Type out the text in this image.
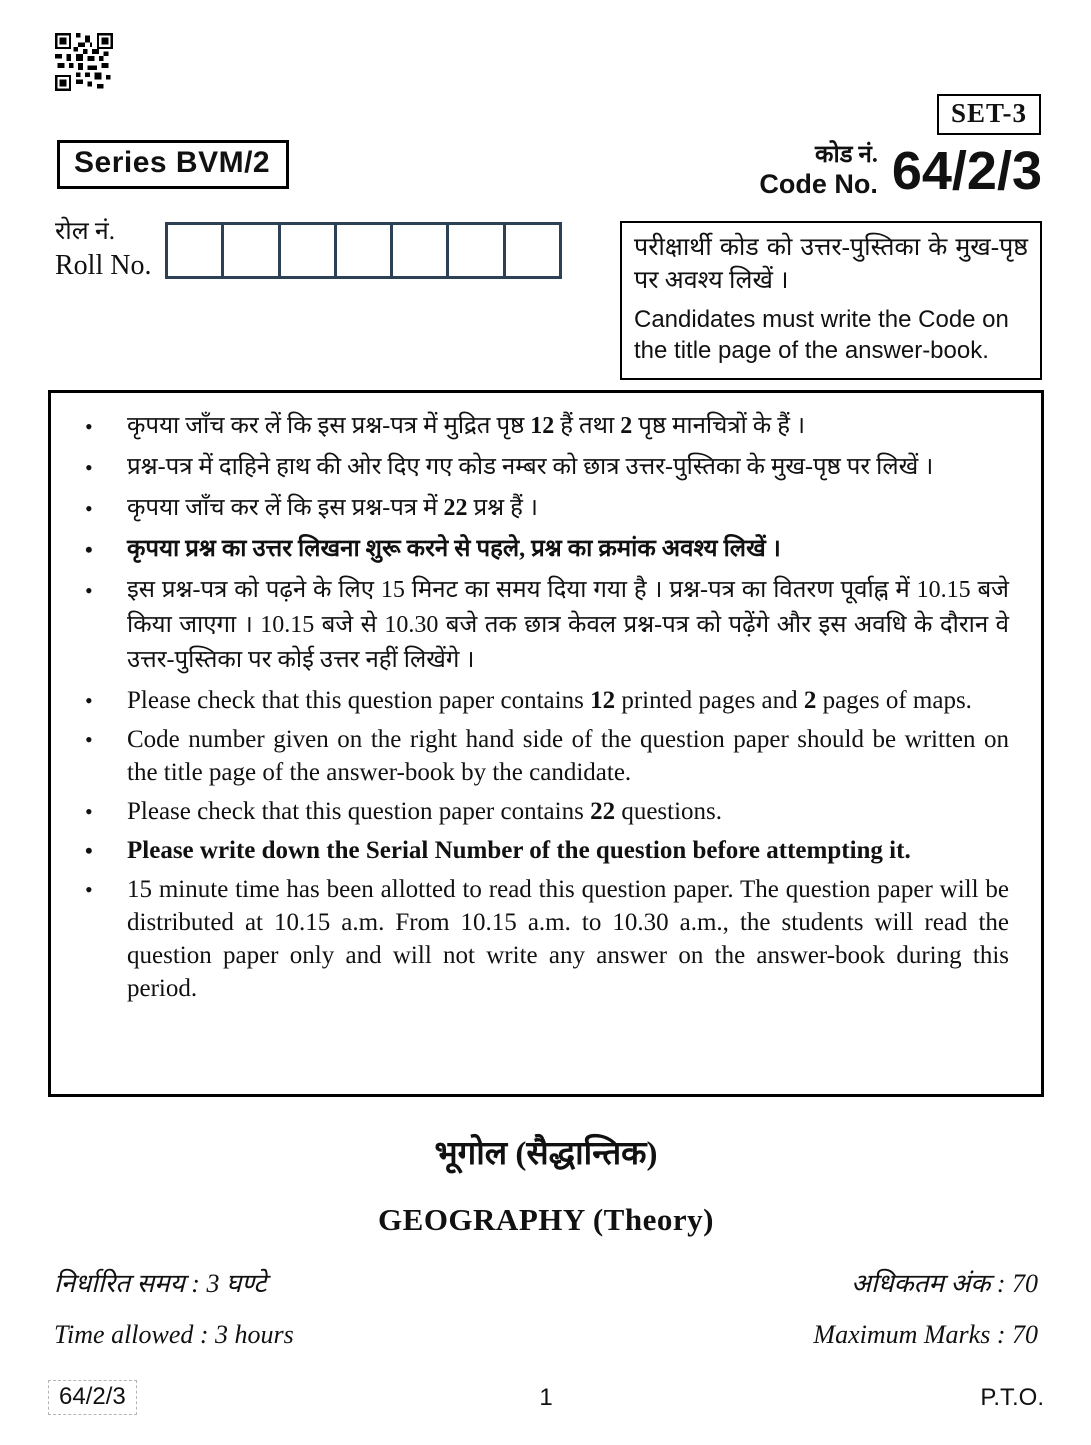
Series BVM/2
SET-3
कोड नं.
Code No. 64/2/3
रोल नं.
Roll No.
परीक्षार्थी कोड को उत्तर-पुस्तिका के मुख-पृष्ठ पर अवश्य लिखें ।
Candidates must write the Code on the title page of the answer-book.
•	कृपया जाँच कर लें कि इस प्रश्न-पत्र में मुद्रित पृष्ठ 12 हैं तथा 2 पृष्ठ मानचित्रों के हैं ।
•	प्रश्न-पत्र में दाहिने हाथ की ओर दिए गए कोड नम्बर को छात्र उत्तर-पुस्तिका के मुख-पृष्ठ पर लिखें ।
•	कृपया जाँच कर लें कि इस प्रश्न-पत्र में 22 प्रश्न हैं ।
•	कृपया प्रश्न का उत्तर लिखना शुरू करने से पहले, प्रश्न का क्रमांक अवश्य लिखें ।
•	इस प्रश्न-पत्र को पढ़ने के लिए 15 मिनट का समय दिया गया है । प्रश्न-पत्र का वितरण पूर्वाह्न में 10.15 बजे किया जाएगा । 10.15 बजे से 10.30 बजे तक छात्र केवल प्रश्न-पत्र को पढ़ेंगे और इस अवधि के दौरान वे उत्तर-पुस्तिका पर कोई उत्तर नहीं लिखेंगे ।
•	Please check that this question paper contains 12 printed pages and 2 pages of maps.
•	Code number given on the right hand side of the question paper should be written on the title page of the answer-book by the candidate.
•	Please check that this question paper contains 22 questions.
•	Please write down the Serial Number of the question before attempting it.
•	15 minute time has been allotted to read this question paper. The question paper will be distributed at 10.15 a.m. From 10.15 a.m. to 10.30 a.m., the students will read the question paper only and will not write any answer on the answer-book during this period.
भूगोल (सैद्धान्तिक)
GEOGRAPHY (Theory)
निर्धारित समय : 3 घण्टे	अधिकतम अंक : 70
Time allowed : 3 hours	Maximum Marks : 70
64/2/3	1	P.T.O.
